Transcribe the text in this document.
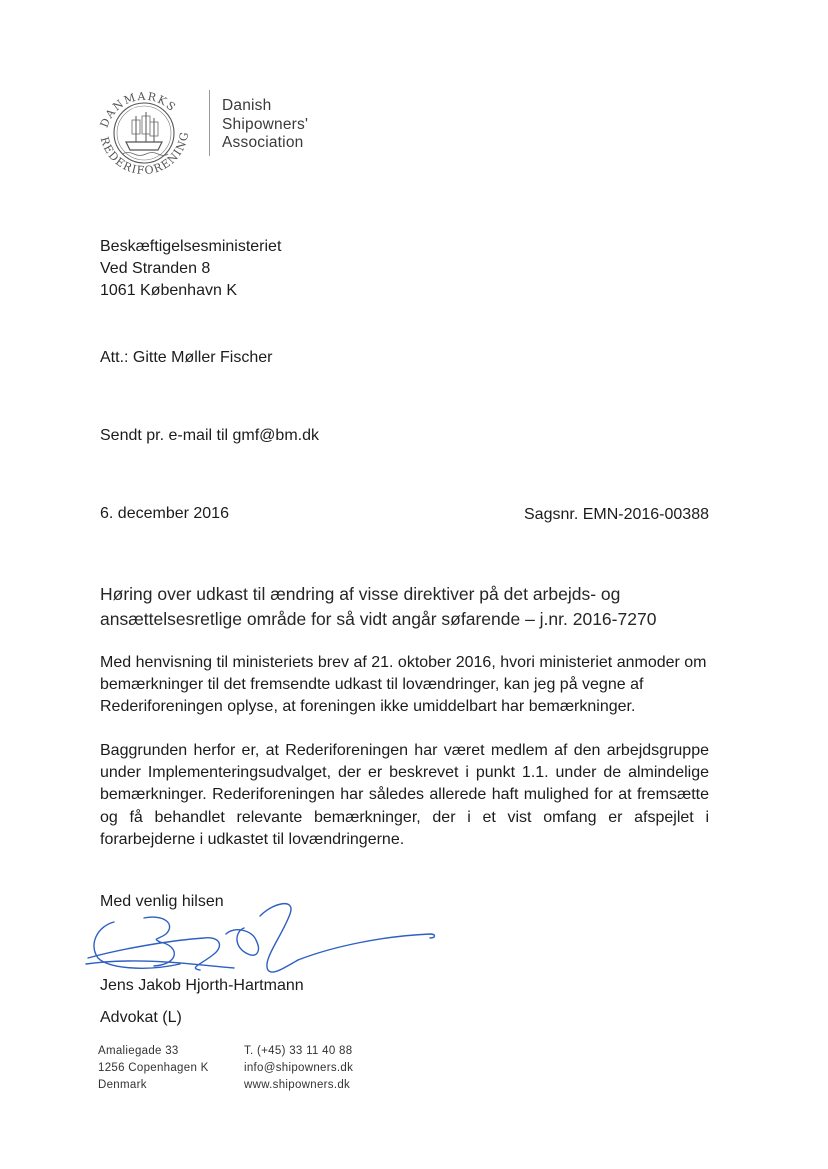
DANMARKS
REDERIFORENING
Danish
Shipowners'
Association
Beskæftigelsesministeriet
Ved Stranden 8
1061 København K
Att.: Gitte Møller Fischer
Sendt pr. e-mail til gmf@bm.dk
6. december 2016	Sagsnr. EMN-2016-00388
Høring over udkast til ændring af visse direktiver på det arbejds- og ansættelsesretlige område for så vidt angår søfarende – j.nr. 2016-7270
Med henvisning til ministeriets brev af 21. oktober 2016, hvori ministeriet anmoder om bemærkninger til det fremsendte udkast til lovændringer, kan jeg på vegne af Rederiforeningen oplyse, at foreningen ikke umiddelbart har bemærkninger.
Baggrunden herfor er, at Rederiforeningen har været medlem af den arbejdsgruppe under Implementeringsudvalget, der er beskrevet i punkt 1.1. under de almindelige bemærkninger. Rederiforeningen har således allerede haft mulighed for at fremsætte og få behandlet relevante bemærkninger, der i et vist omfang er afspejlet i forarbejderne i udkastet til lovændringerne.
Med venlig hilsen
Jens Jakob Hjorth-Hartmann
Advokat (L)
Amaliegade 33
1256 Copenhagen K
Denmark
T. (+45) 33 11 40 88
info@shipowners.dk
www.shipowners.dk
